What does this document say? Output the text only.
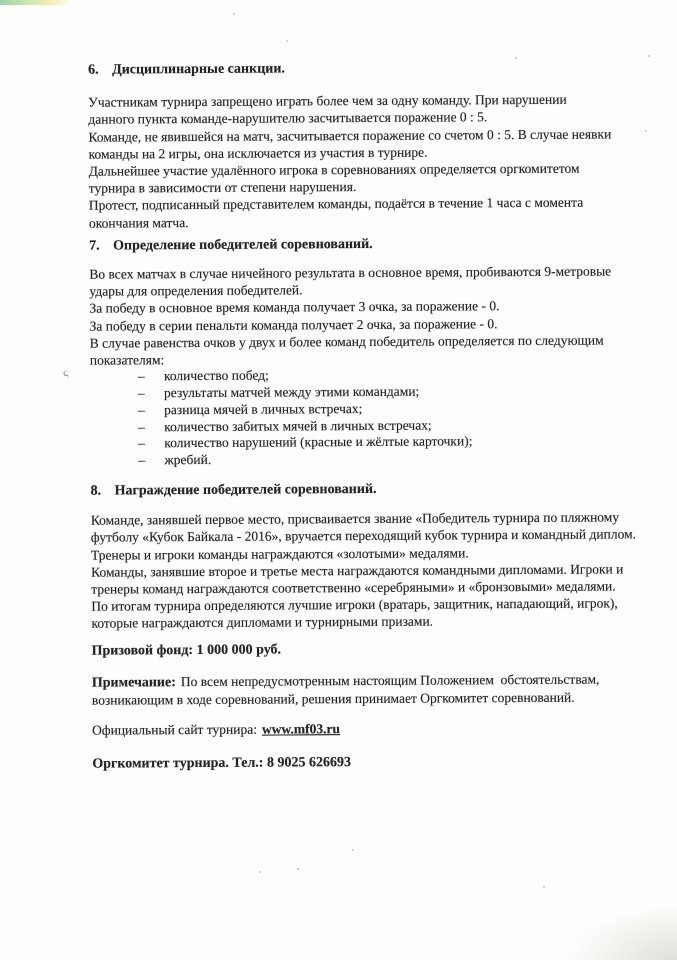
ς
6. Дисциплинарные санкции.
Участникам турнира запрещено играть более чем за одну команду. При нарушении
данного пункта команде-нарушителю засчитывается поражение 0 : 5.
Команде, не явившейся на матч, засчитывается поражение со счетом 0 : 5. В случае неявки
команды на 2 игры, она исключается из участия в турнире.
Дальнейшее участие удалённого игрока в соревнованиях определяется оргкомитетом
турнира в зависимости от степени нарушения.
Протест, подписанный представителем команды, подаётся в течение 1 часа с момента
окончания матча.
7. Определение победителей соревнований.
Во всех матчах в случае ничейного результата в основное время, пробиваются 9-метровые
удары для определения победителей.
За победу в основное время команда получает 3 очка, за поражение - 0.
За победу в серии пенальти команда получает 2 очка, за поражение - 0.
В случае равенства очков у двух и более команд победитель определяется по следующим
показателям:
– количество побед;
– результаты матчей между этими командами;
– разница мячей в личных встречах;
– количество забитых мячей в личных встречах;
– количество нарушений (красные и жёлтые карточки);
– жребий.
8. Награждение победителей соревнований.
Команде, занявшей первое место, присваивается звание «Победитель турнира по пляжному
футболу «Кубок Байкала - 2016», вручается переходящий кубок турнира и командный диплом.
Тренеры и игроки команды награждаются «золотыми» медалями.
Команды, занявшие второе и третье места награждаются командными дипломами. Игроки и
тренеры команд награждаются соответственно «серебряными» и «бронзовыми» медалями.
По итогам турнира определяются лучшие игроки (вратарь, защитник, нападающий, игрок),
которые награждаются дипломами и турнирными призами.
Призовой фонд: 1 000 000 руб.
Примечание: По всем непредусмотренным настоящим Положением  обстоятельствам,
возникающим в ходе соревнований, решения принимает Оргкомитет соревнований.
Официальный сайт турнира: www.mf03.ru
Оргкомитет турнира. Тел.: 8 9025 626693
